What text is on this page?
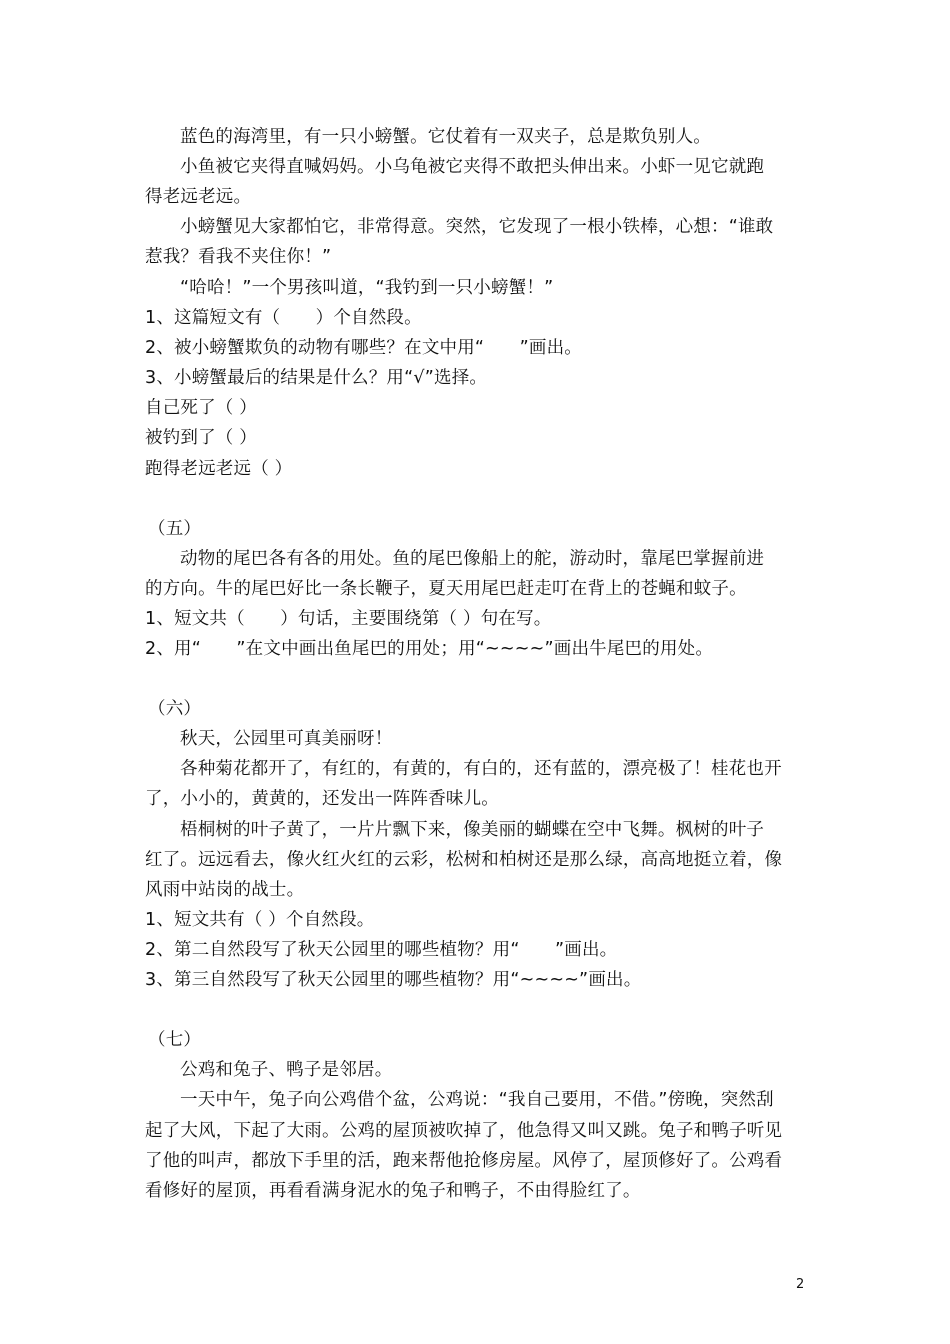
蓝色的海湾里，有一只小螃蟹。它仗着有一双夹子，总是欺负别人。
小鱼被它夹得直喊妈妈。小乌龟被它夹得不敢把头伸出来。小虾一见它就跑
得老远老远。
小螃蟹见大家都怕它，非常得意。突然，它发现了一根小铁棒，心想：“谁敢
惹我？看我不夹住你！”
“哈哈！”一个男孩叫道，“我钓到一只小螃蟹！”
1、这篇短文有（　　）个自然段。
2、被小螃蟹欺负的动物有哪些？在文中用“　　”画出。
3、小螃蟹最后的结果是什么？用“√”选择。
自己死了（ ）
被钓到了（ ）
跑得老远老远（ ）
（五）
动物的尾巴各有各的用处。鱼的尾巴像船上的舵，游动时，靠尾巴掌握前进
的方向。牛的尾巴好比一条长鞭子，夏天用尾巴赶走叮在背上的苍蝇和蚊子。
1、短文共（　　）句话，主要围绕第（ ）句在写。
2、用“　　”在文中画出鱼尾巴的用处；用“~~~~”画出牛尾巴的用处。
（六）
秋天，公园里可真美丽呀！
各种菊花都开了，有红的，有黄的，有白的，还有蓝的，漂亮极了！桂花也开
了，小小的，黄黄的，还发出一阵阵香味儿。
梧桐树的叶子黄了，一片片飘下来，像美丽的蝴蝶在空中飞舞。枫树的叶子
红了。远远看去，像火红火红的云彩，松树和柏树还是那么绿，高高地挺立着，像
风雨中站岗的战士。
1、短文共有（ ）个自然段。
2、第二自然段写了秋天公园里的哪些植物？用“　　”画出。
3、第三自然段写了秋天公园里的哪些植物？用“~~~~”画出。
（七）
公鸡和兔子、鸭子是邻居。
一天中午，兔子向公鸡借个盆，公鸡说：“我自己要用，不借。”傍晚，突然刮
起了大风，下起了大雨。公鸡的屋顶被吹掉了，他急得又叫又跳。兔子和鸭子听见
了他的叫声，都放下手里的活，跑来帮他抢修房屋。风停了，屋顶修好了。公鸡看
看修好的屋顶，再看看满身泥水的兔子和鸭子，不由得脸红了。
2
